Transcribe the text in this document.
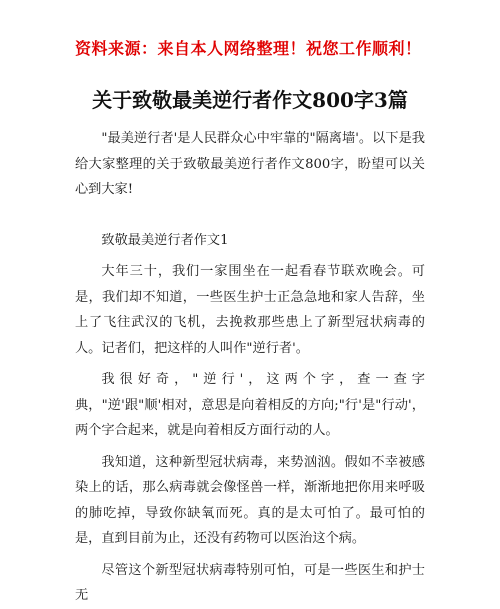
资料来源：来自本人网络整理！祝您工作顺利！
关于致敬最美逆行者作文800字3篇

"最美逆行者'是人民群众心中牢靠的"隔离墙'。以下是我给大家整理的关于致敬最美逆行者作文800字，盼望可以关心到大家!

致敬最美逆行者作文1

大年三十，我们一家围坐在一起看春节联欢晚会。可是，我们却不知道，一些医生护士正急急地和家人告辞，坐上了飞往武汉的飞机，去挽救那些患上了新型冠状病毒的人。记者们，把这样的人叫作"逆行者'。

我很好奇，"逆行'，这两个字，查一查字典，"逆'跟"顺'相对，意思是向着相反的方向;"行'是"行动'，两个字合起来，就是向着相反方面行动的人。

我知道，这种新型冠状病毒，来势汹汹。假如不幸被感染上的话，那么病毒就会像怪兽一样，渐渐地把你用来呼吸的肺吃掉，导致你缺氧而死。真的是太可怕了。最可怕的是，直到目前为止，还没有药物可以医治这个病。

尽管这个新型冠状病毒特别可怕，可是一些医生和护士无
